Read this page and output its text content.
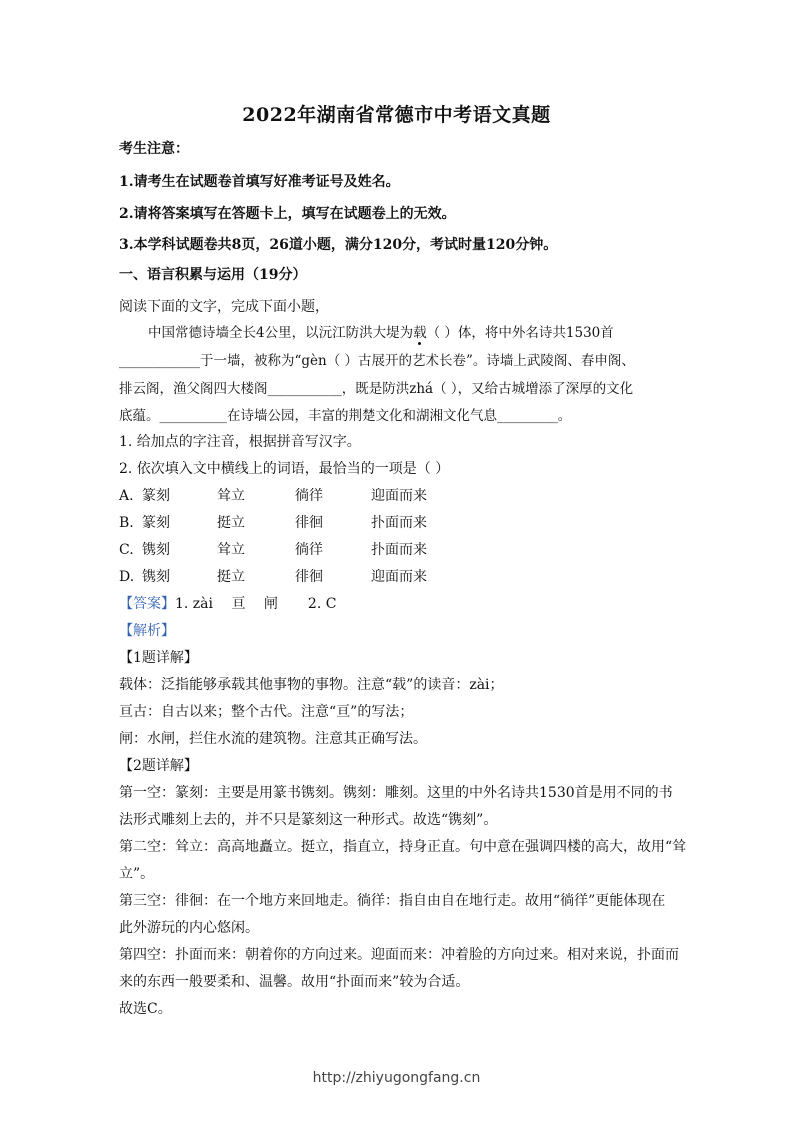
2022年湖南省常德市中考语文真题
考生注意：
1.请考生在试题卷首填写好准考证号及姓名。
2.请将答案填写在答题卡上，填写在试题卷上的无效。
3.本学科试题卷共8页，26道小题，满分120分，考试时量120分钟。
一、语言积累与运用（19分）
阅读下面的文字，完成下面小题，
中国常德诗墙全长4公里，以沅江防洪大堤为载（ ）体，将中外名诗共1530首
____________于一墙，被称为“gèn（ ）古展开的艺术长卷”。诗墙上武陵阁、春申阁、
排云阁，渔父阁四大楼阁___________，既是防洪zhá（ ），又给古城增添了深厚的文化
底蕴。__________在诗墙公园，丰富的荆楚文化和湖湘文化气息_________。
1. 给加点的字注音，根据拼音写汉字。
2. 依次填入文中横线上的词语，最恰当的一项是（ ）
A. 篆刻	耸立	徜徉	迎面而来
B. 篆刻	挺立	徘徊	扑面而来
C. 镌刻	耸立	徜徉	扑面而来
D. 镌刻	挺立	徘徊	迎面而来
【答案】1. zài　 亘　 闸 2. C
【解析】
【1题详解】
载体：泛指能够承载其他事物的事物。注意“载”的读音：zài；
亘古：自古以来；整个古代。注意“亘”的写法；
闸：水闸，拦住水流的建筑物。注意其正确写法。
【2题详解】
第一空：篆刻：主要是用篆书镌刻。镌刻：雕刻。这里的中外名诗共1530首是用不同的书
法形式雕刻上去的，并不只是篆刻这一种形式。故选“镌刻”。
第二空：耸立：高高地矗立。挺立，指直立，持身正直。句中意在强调四楼的高大，故用“耸
立”。
第三空：徘徊：在一个地方来回地走。徜徉：指自由自在地行走。故用“徜徉”更能体现在
此外游玩的内心悠闲。
第四空：扑面而来：朝着你的方向过来。迎面而来：冲着脸的方向过来。相对来说，扑面而
来的东西一般要柔和、温馨。故用“扑面而来”较为合适。
故选C。
http://zhiyugongfang.cn
